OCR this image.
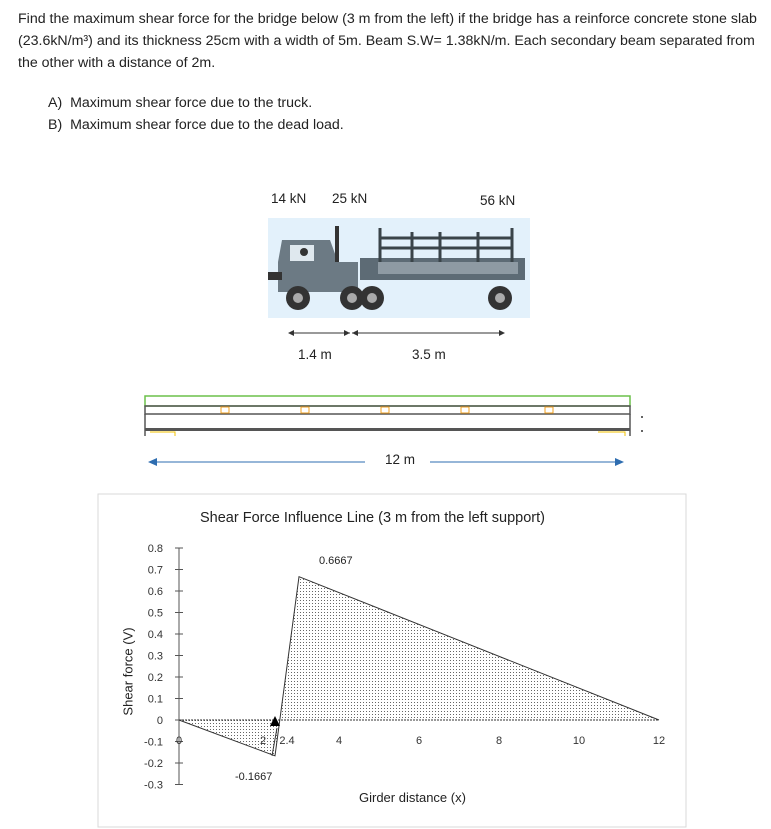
Find the maximum shear force for the bridge below (3 m from the left) if the bridge has a reinforce concrete stone slab (23.6kN/m³) and its thickness 25cm with a width of 5m. Beam S.W= 1.38kN/m. Each secondary beam separated from the other with a distance of 2m.

A) Maximum shear force due to the truck.
B) Maximum shear force due to the dead load.
14 kN 25 kN	56 kN
0.8
0.7
0.6
0.5
0.4
0.3
0.2
0.1
0
-0.1
-0.2
-0.3
0	2 2.4	4	6	8	10	12
1.4 m	3.5 m
12 m
Shear Force Influence Line (3 m from the left support)
Girder distance (x)
Shear force (V)
0.6667
-0.1667
